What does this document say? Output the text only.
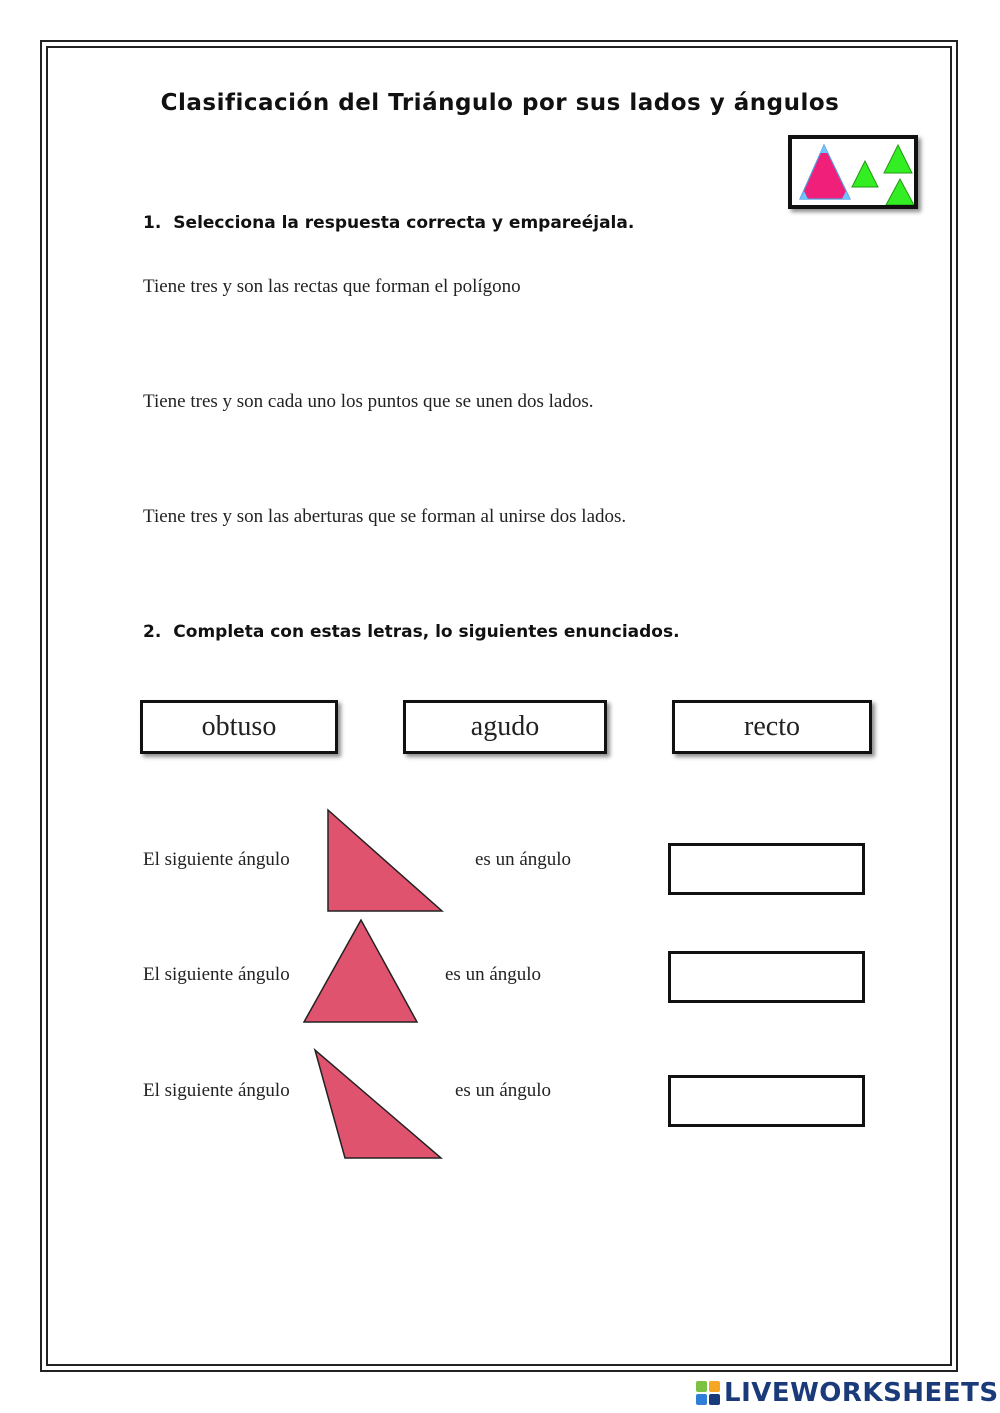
Clasificación del Triángulo por sus lados y ángulos
1. Selecciona la respuesta correcta y empareéjala.
Tiene tres y son las rectas que forman el polígono
Tiene tres y son cada uno los puntos que se unen dos lados.
Tiene tres y son las aberturas que se forman al unirse dos lados.
2. Completa con estas letras, lo siguientes enunciados.
obtuso	agudo	recto
El siguiente ángulo	es un ángulo
El siguiente ángulo	es un ángulo
El siguiente ángulo	es un ángulo
LIVEWORKSHEETS
